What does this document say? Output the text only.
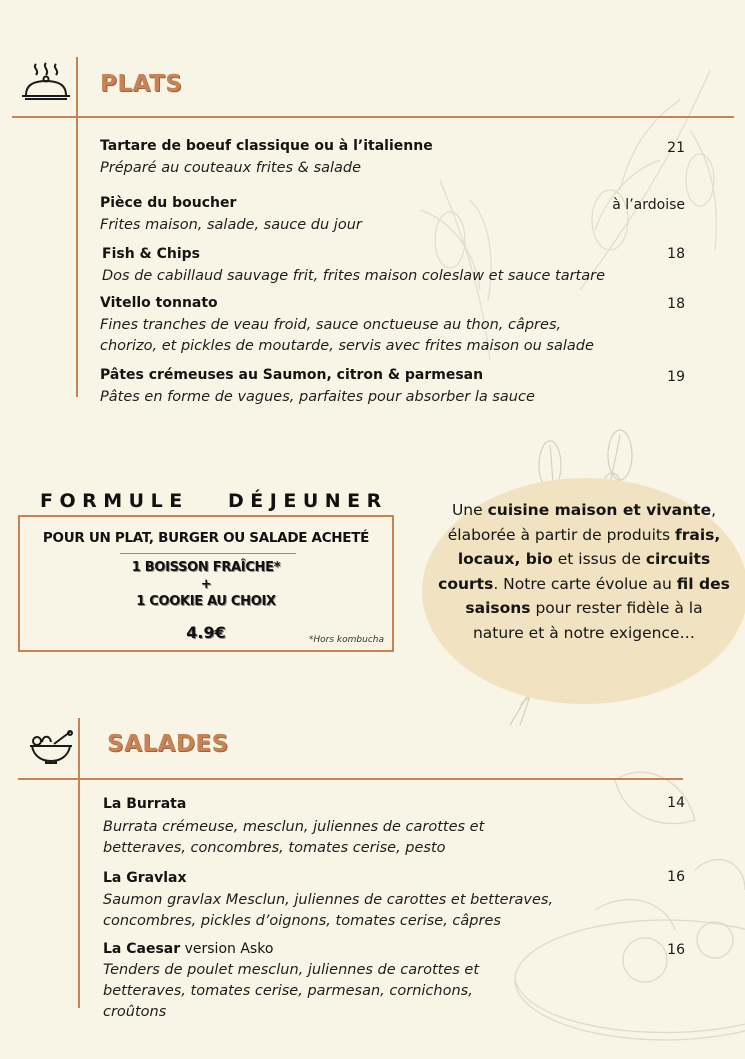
PLATS
Tartare de boeuf classique ou à l’italienne	21
Préparé au couteaux frites & salade
Pièce du boucher	à l’ardoise
Frites maison, salade, sauce du jour
Fish & Chips	18
Dos de cabillaud sauvage frit, frites maison coleslaw et sauce tartare
Vitello tonnato	18
Fines tranches de veau froid, sauce onctueuse au thon, câpres,
chorizo, et pickles de moutarde, servis avec frites maison ou salade
Pâtes crémeuses au Saumon, citron & parmesan	19
Pâtes en forme de vagues, parfaites pour absorber la sauce
FORMULE   DÉJEUNER
POUR UN PLAT, BURGER OU SALADE ACHETÉ
1 BOISSON FRAÎCHE*
+
1 COOKIE AU CHOIX
4.9€	*Hors kombucha
Une cuisine maison et vivante, élaborée à partir de produits frais, locaux, bio et issus de circuits courts. Notre carte évolue au fil des saisons pour rester fidèle à la nature et à notre exigence…
SALADES
La Burrata	14
Burrata crémeuse, mesclun, juliennes de carottes et
betteraves, concombres, tomates cerise, pesto
La Gravlax	16
Saumon gravlax Mesclun, juliennes de carottes et betteraves,
concombres, pickles d’oignons, tomates cerise, câpres
La Caesar version Asko	16
Tenders de poulet mesclun, juliennes de carottes et
betteraves, tomates cerise, parmesan, cornichons,
croûtons
